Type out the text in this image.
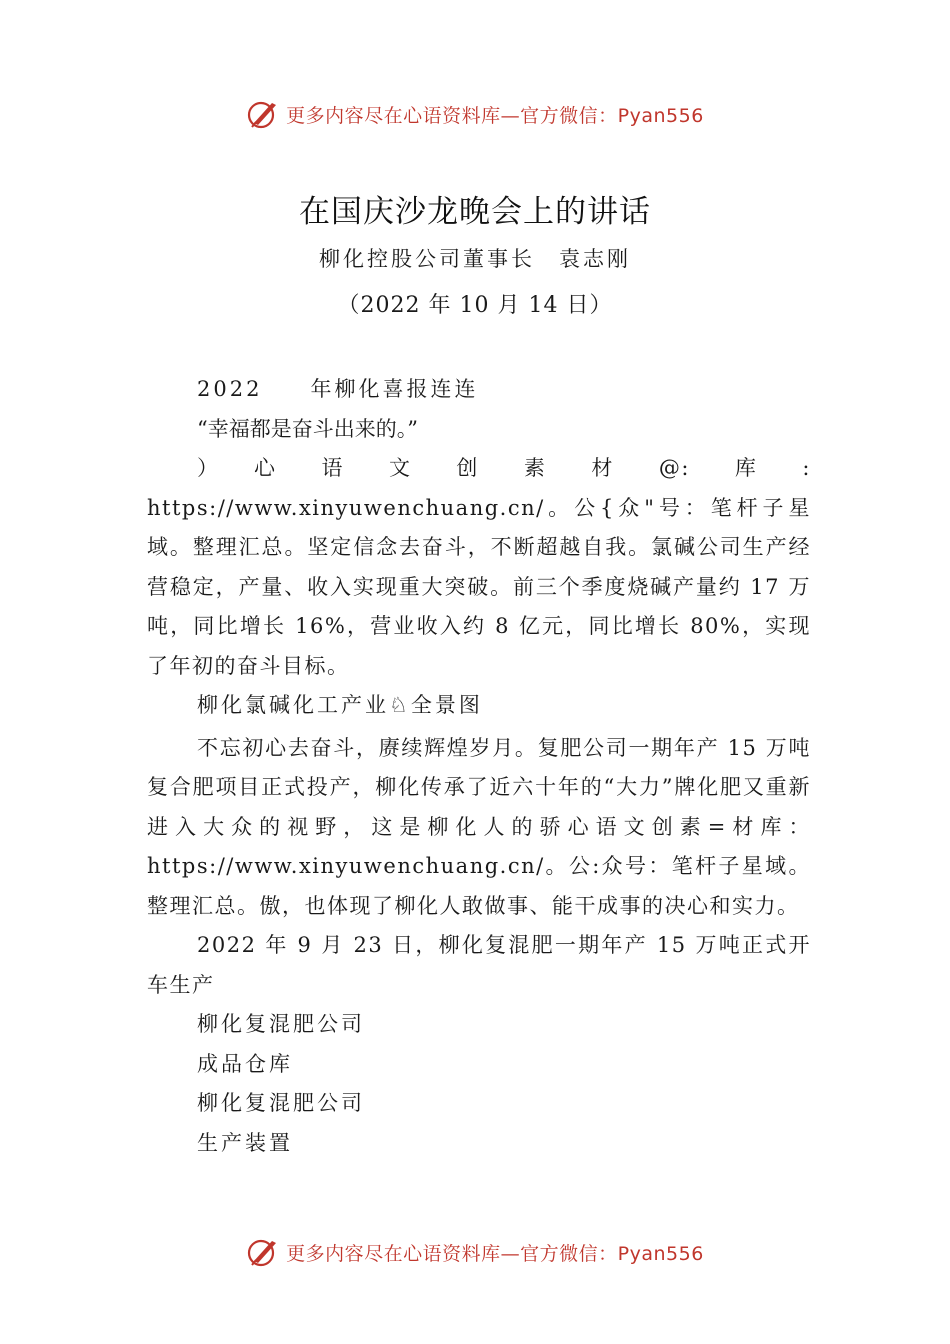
更多内容尽在心语资料库—官方微信：Pyan556
在国庆沙龙晚会上的讲话
柳化控股公司董事长　袁志刚
（2022 年 10 月 14 日）

2022　　年柳化喜报连连

“幸福都是奋斗出来的。”

）　心　语　文　创　素　材　@:　库　:　https://www.xinyuwenchuang.cn/。公{众"号：笔杆子星域。整理汇总。坚定信念去奋斗，不断超越自我。氯碱公司生产经营稳定，产量、收入实现重大突破。前三个季度烧碱产量约 17 万吨，同比增长 16%，营业收入约 8 亿元，同比增长 80%，实现了年初的奋斗目标。

柳化氯碱化工产业♘全景图

不忘初心去奋斗，赓续辉煌岁月。复肥公司一期年产 15 万吨复合肥项目正式投产，柳化传承了近六十年的“大力”牌化肥又重新进入大众的视野，这是柳化人的骄心语文创素=材库：https://www.xinyuwenchuang.cn/。公:众号：笔杆子星域。整理汇总。傲，也体现了柳化人敢做事、能干成事的决心和实力。

2022 年 9 月 23 日，柳化复混肥一期年产 15 万吨正式开车生产

柳化复混肥公司

成品仓库

柳化复混肥公司

生产装置

更多内容尽在心语资料库—官方微信：Pyan556
